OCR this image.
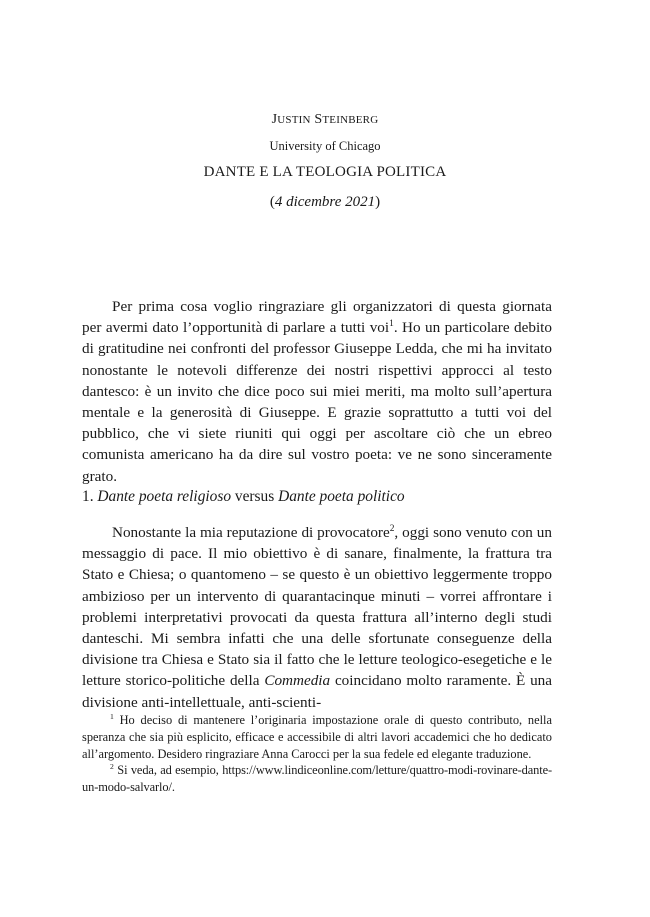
JUSTIN STEINBERG
University of Chicago
DANTE E LA TEOLOGIA POLITICA
(4 dicembre 2021)

Per prima cosa voglio ringraziare gli organizzatori di questa giornata per avermi dato l’opportunità di parlare a tutti voi$^1$. Ho un particolare debito di gratitudine nei confronti del professor Giuseppe Ledda, che mi ha invitato nonostante le notevoli differenze dei nostri rispettivi approcci al testo dantesco: è un invito che dice poco sui miei meriti, ma molto sull’apertura mentale e la generosità di Giuseppe. E grazie soprattutto a tutti voi del pubblico, che vi siete riuniti qui oggi per ascoltare ciò che un ebreo comunista americano ha da dire sul vostro poeta: ve ne sono sinceramente grato.

1. Dante poeta religioso versus Dante poeta politico

Nonostante la mia reputazione di provocatore$^2$, oggi sono venuto con un messaggio di pace. Il mio obiettivo è di sanare, finalmente, la frattura tra Stato e Chiesa; o quantomeno – se questo è un obiettivo leggermente troppo ambizioso per un intervento di quarantacinque minuti – vorrei affrontare i problemi interpretativi provocati da questa frattura all’interno degli studi danteschi. Mi sembra infatti che una delle sfortunate conseguenze della divisione tra Chiesa e Stato sia il fatto che le letture teologico-esegetiche e le letture storico-politiche della Commedia coincidano molto raramente. È una divisione anti-intellettuale, anti-scienti-

$^1$ Ho deciso di mantenere l’originaria impostazione orale di questo contributo, nella speranza che sia più esplicito, efficace e accessibile di altri lavori accademici che ho dedicato all’argomento. Desidero ringraziare Anna Carocci per la sua fedele ed elegante traduzione.

$^2$ Si veda, ad esempio, https://www.lindiceonline.com/letture/quattro-modi-rovinare-dante-un-modo-salvarlo/.
